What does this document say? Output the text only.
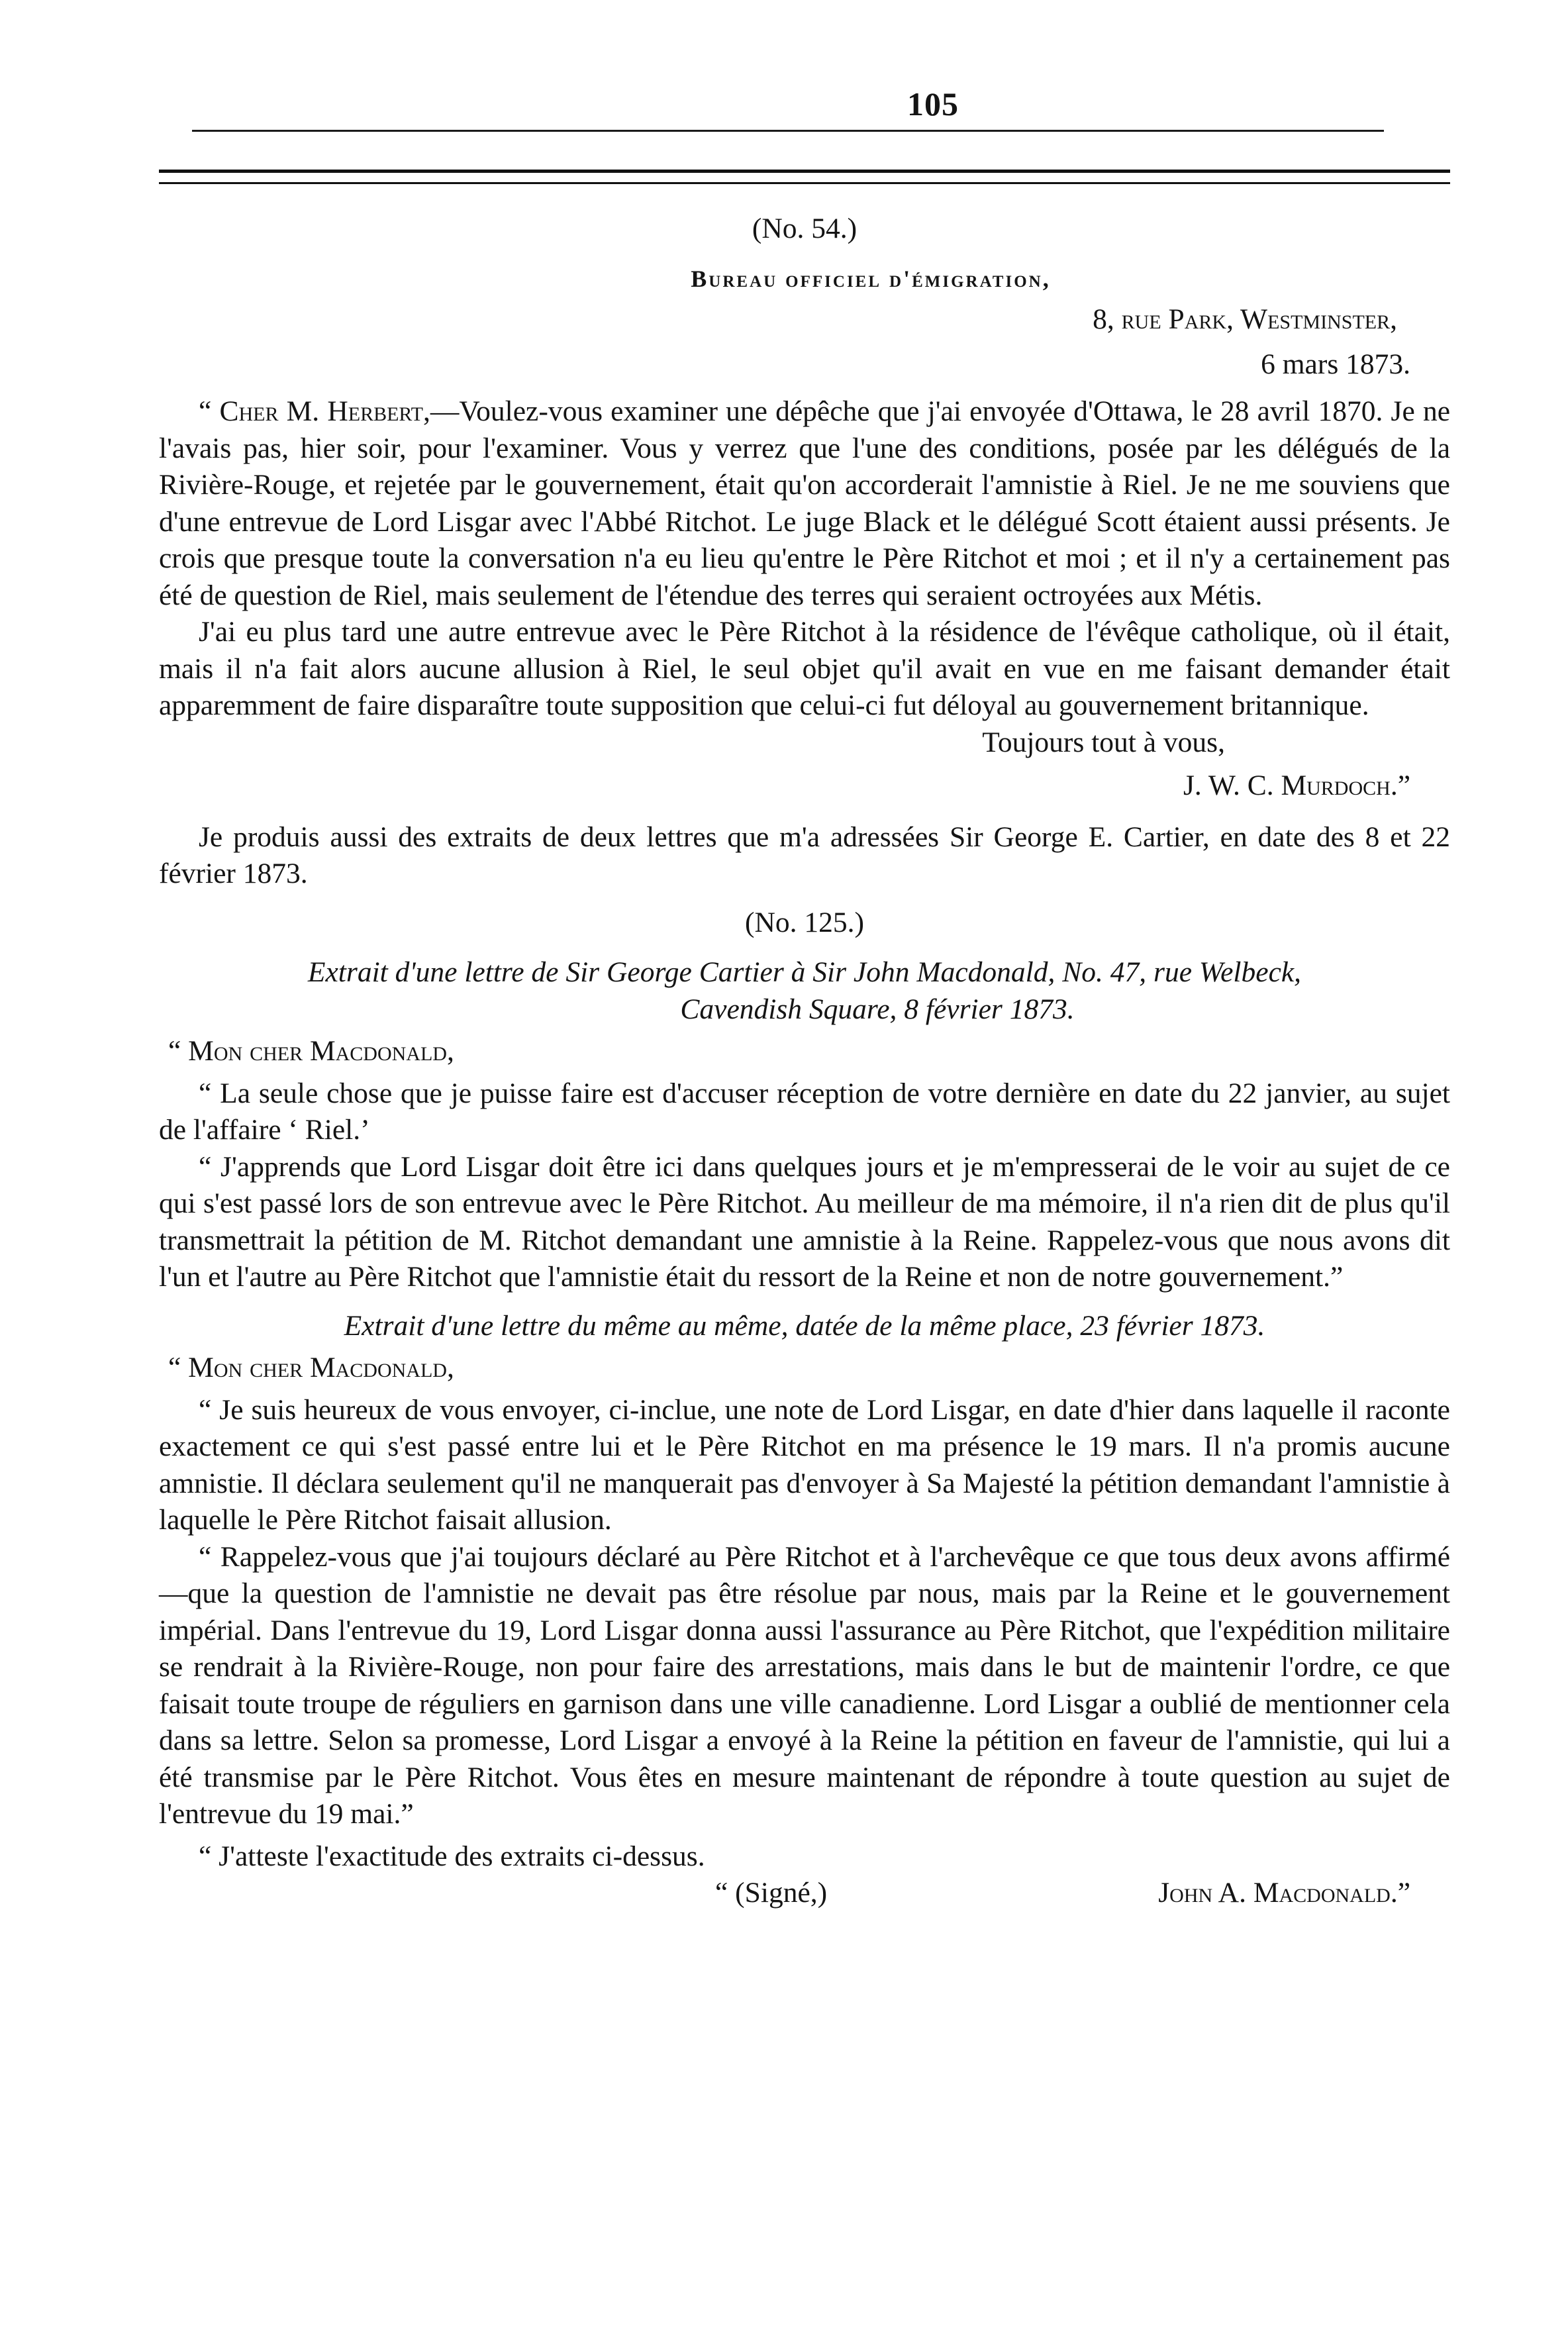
105

(No. 54.)

Bureau officiel d'émigration,

8, rue Park, Westminster,

6 mars 1873.

“ Cher M. Herbert,—Voulez-vous examiner une dépêche que j'ai envoyée d'Ottawa, le 28 avril 1870. Je ne l'avais pas, hier soir, pour l'examiner. Vous y verrez que l'une des conditions, posée par les délégués de la Rivière-Rouge, et rejetée par le gouvernement, était qu'on accorderait l'amnistie à Riel. Je ne me souviens que d'une entrevue de Lord Lisgar avec l'Abbé Ritchot. Le juge Black et le délégué Scott étaient aussi présents. Je crois que presque toute la conversation n'a eu lieu qu'entre le Père Ritchot et moi ; et il n'y a certainement pas été de question de Riel, mais seulement de l'étendue des terres qui seraient octroyées aux Métis.

J'ai eu plus tard une autre entrevue avec le Père Ritchot à la résidence de l'évêque catholique, où il était, mais il n'a fait alors aucune allusion à Riel, le seul objet qu'il avait en vue en me faisant demander était apparemment de faire disparaître toute supposition que celui-ci fut déloyal au gouvernement britannique.

Toujours tout à vous,

J. W. C. Murdoch.”

Je produis aussi des extraits de deux lettres que m'a adressées Sir George E. Cartier, en date des 8 et 22 février 1873.

(No. 125.)

Extrait d'une lettre de Sir George Cartier à Sir John Macdonald, No. 47, rue Welbeck,

Cavendish Square, 8 février 1873.

“ Mon cher Macdonald,

“ La seule chose que je puisse faire est d'accuser réception de votre dernière en date du 22 janvier, au sujet de l'affaire ‘ Riel.’

“ J'apprends que Lord Lisgar doit être ici dans quelques jours et je m'empresserai de le voir au sujet de ce qui s'est passé lors de son entrevue avec le Père Ritchot. Au meilleur de ma mémoire, il n'a rien dit de plus qu'il transmettrait la pétition de M. Ritchot demandant une amnistie à la Reine. Rappelez-vous que nous avons dit l'un et l'autre au Père Ritchot que l'amnistie était du ressort de la Reine et non de notre gouvernement.”

Extrait d'une lettre du même au même, datée de la même place, 23 février 1873.

“ Mon cher Macdonald,

“ Je suis heureux de vous envoyer, ci-inclue, une note de Lord Lisgar, en date d'hier dans laquelle il raconte exactement ce qui s'est passé entre lui et le Père Ritchot en ma présence le 19 mars. Il n'a promis aucune amnistie. Il déclara seulement qu'il ne manquerait pas d'envoyer à Sa Majesté la pétition demandant l'amnistie à laquelle le Père Ritchot faisait allusion.

“ Rappelez-vous que j'ai toujours déclaré au Père Ritchot et à l'archevêque ce que tous deux avons affirmé—que la question de l'amnistie ne devait pas être résolue par nous, mais par la Reine et le gouvernement impérial. Dans l'entrevue du 19, Lord Lisgar donna aussi l'assurance au Père Ritchot, que l'expédition militaire se rendrait à la Rivière-Rouge, non pour faire des arrestations, mais dans le but de maintenir l'ordre, ce que faisait toute troupe de réguliers en garnison dans une ville canadienne. Lord Lisgar a oublié de mentionner cela dans sa lettre. Selon sa promesse, Lord Lisgar a envoyé à la Reine la pétition en faveur de l'amnistie, qui lui a été transmise par le Père Ritchot. Vous êtes en mesure maintenant de répondre à toute question au sujet de l'entrevue du 19 mai.”

“ J'atteste l'exactitude des extraits ci-dessus.

“ (Signé,)	John A. Macdonald.”
